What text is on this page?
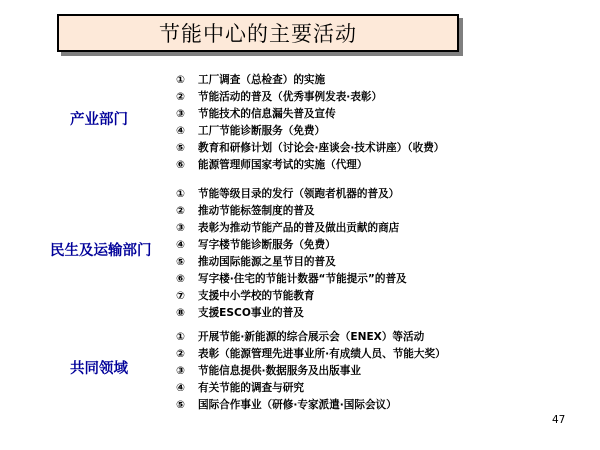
节能中心的主要活动
产业部门
①	工厂调查（总检查）的实施
②	节能活动的普及（优秀事例发表·表彰）
③	节能技术的信息漏失普及宣传
④	工厂节能诊断服务（免费）
⑤	教育和研修计划（讨论会·座谈会·技术讲座）（收费）
⑥	能源管理师国家考试的实施（代理）
民生及运输部门
①	节能等级目录的发行（领跑者机器的普及）
②	推动节能标签制度的普及
③	表彰为推动节能产品的普及做出贡献的商店
④	写字楼节能诊断服务（免费）
⑤	推动国际能源之星节目的普及
⑥	写字楼·住宅的节能计数器“节能提示”的普及
⑦	支援中小学校的节能教育
⑧	支援ESCO事业的普及
共同领域
①	开展节能·新能源的综合展示会（ENEX）等活动
②	表彰（能源管理先进事业所·有成绩人员、节能大奖）
③	节能信息提供·数据服务及出版事业
④	有关节能的调查与研究
⑤	国际合作事业（研修·专家派遣·国际会议）
47
